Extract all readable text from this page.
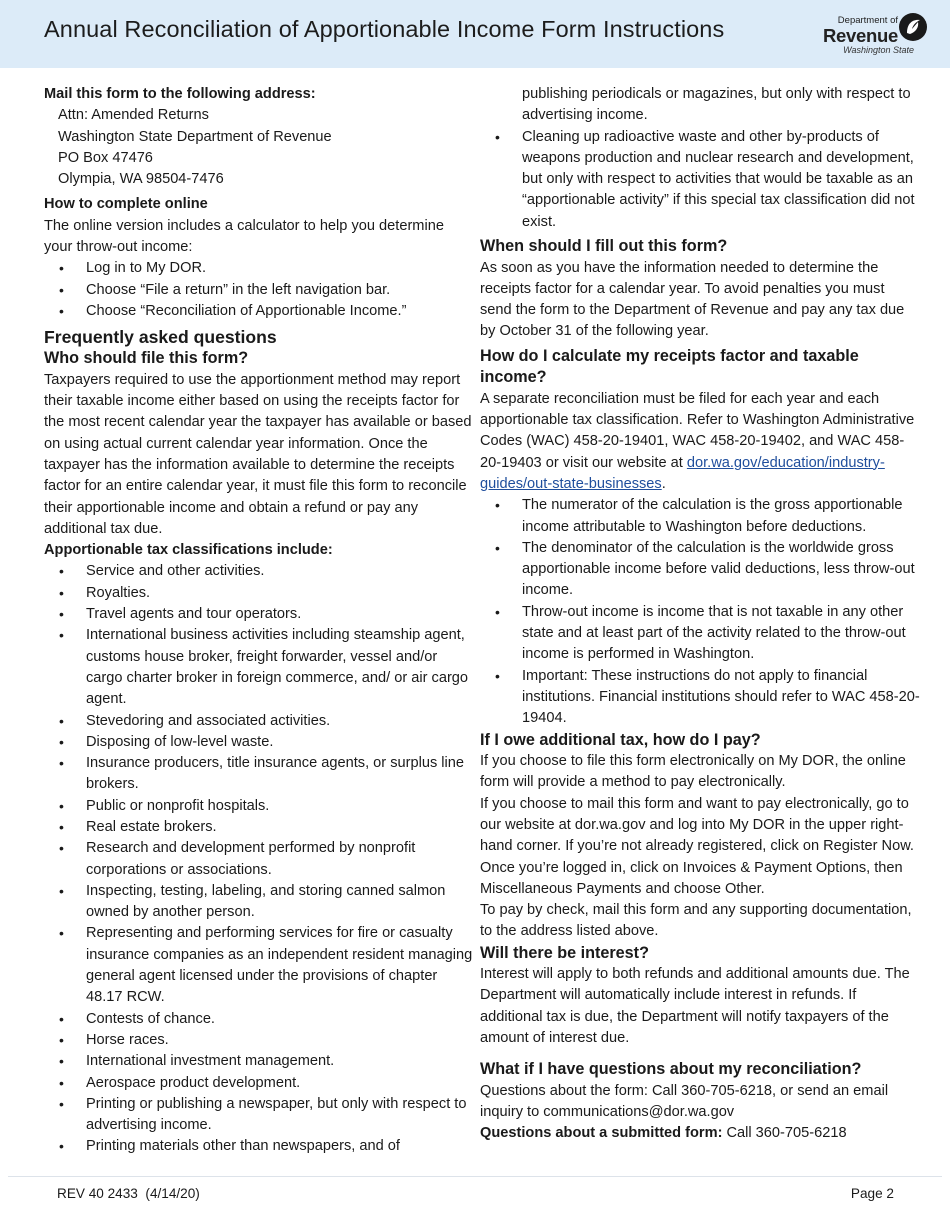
Annual Reconciliation of Apportionable Income Form Instructions	Department of
Revenue
Washington State
Mail this form to the following address:
Attn: Amended Returns
Washington State Department of Revenue
PO Box 47476
Olympia, WA 98504-7476
How to complete online
The online version includes a calculator to help you determine your throw-out income:
• Log in to My DOR.
• Choose “File a return” in the left navigation bar.
• Choose “Reconciliation of Apportionable Income.”
Frequently asked questions
Who should file this form?
Taxpayers required to use the apportionment method may report their taxable income either based on using the receipts factor for the most recent calendar year the taxpayer has available or based on using actual current calendar year information. Once the taxpayer has the information available to determine the receipts factor for an entire calendar year, it must file this form to reconcile their apportionable income and obtain a refund or pay any additional tax due.
Apportionable tax classifications include:
• Service and other activities.
• Royalties.
• Travel agents and tour operators.
• International business activities including steamship agent, customs house broker, freight forwarder, vessel and/or cargo charter broker in foreign commerce, and/ or air cargo agent.
• Stevedoring and associated activities.
• Disposing of low-level waste.
• Insurance producers, title insurance agents, or surplus line brokers.
• Public or nonprofit hospitals.
• Real estate brokers.
• Research and development performed by nonprofit corporations or associations.
• Inspecting, testing, labeling, and storing canned salmon owned by another person.
• Representing and performing services for fire or casualty insurance companies as an independent resident managing general agent licensed under the provisions of chapter 48.17 RCW.
• Contests of chance.
• Horse races.
• International investment management.
• Aerospace product development.
• Printing or publishing a newspaper, but only with respect to advertising income.
• Printing materials other than newspapers, and of
publishing periodicals or magazines, but only with respect to advertising income.
• Cleaning up radioactive waste and other by-products of weapons production and nuclear research and development, but only with respect to activities that would be taxable as an “apportionable activity” if this special tax classification did not exist.
When should I fill out this form?
As soon as you have the information needed to determine the receipts factor for a calendar year. To avoid penalties you must send the form to the Department of Revenue and pay any tax due by October 31 of the following year.
How do I calculate my receipts factor and taxable income?
A separate reconciliation must be filed for each year and each apportionable tax classification. Refer to Washington Administrative Codes (WAC) 458-20-19401, WAC 458-20-19402, and WAC 458-20-19403 or visit our website at dor.wa.gov/education/industry-guides/out-state-businesses.
• The numerator of the calculation is the gross apportionable income attributable to Washington before deductions.
• The denominator of the calculation is the worldwide gross apportionable income before valid deductions, less throw-out income.
• Throw-out income is income that is not taxable in any other state and at least part of the activity related to the throw-out income is performed in Washington.
• Important: These instructions do not apply to financial institutions. Financial institutions should refer to WAC 458-20-19404.
If I owe additional tax, how do I pay?
If you choose to file this form electronically on My DOR, the online form will provide a method to pay electronically.
If you choose to mail this form and want to pay electronically, go to our website at dor.wa.gov and log into My DOR in the upper right-hand corner. If you’re not already registered, click on Register Now. Once you’re logged in, click on Invoices & Payment Options, then Miscellaneous Payments and choose Other.
To pay by check, mail this form and any supporting documentation, to the address listed above.
Will there be interest?
Interest will apply to both refunds and additional amounts due. The Department will automatically include interest in refunds. If additional tax is due, the Department will notify taxpayers of the amount of interest due.
What if I have questions about my reconciliation?
Questions about the form: Call 360-705-6218, or send an email inquiry to communications@dor.wa.gov
Questions about a submitted form: Call 360-705-6218
REV 40 2433  (4/14/20)	Page 2
